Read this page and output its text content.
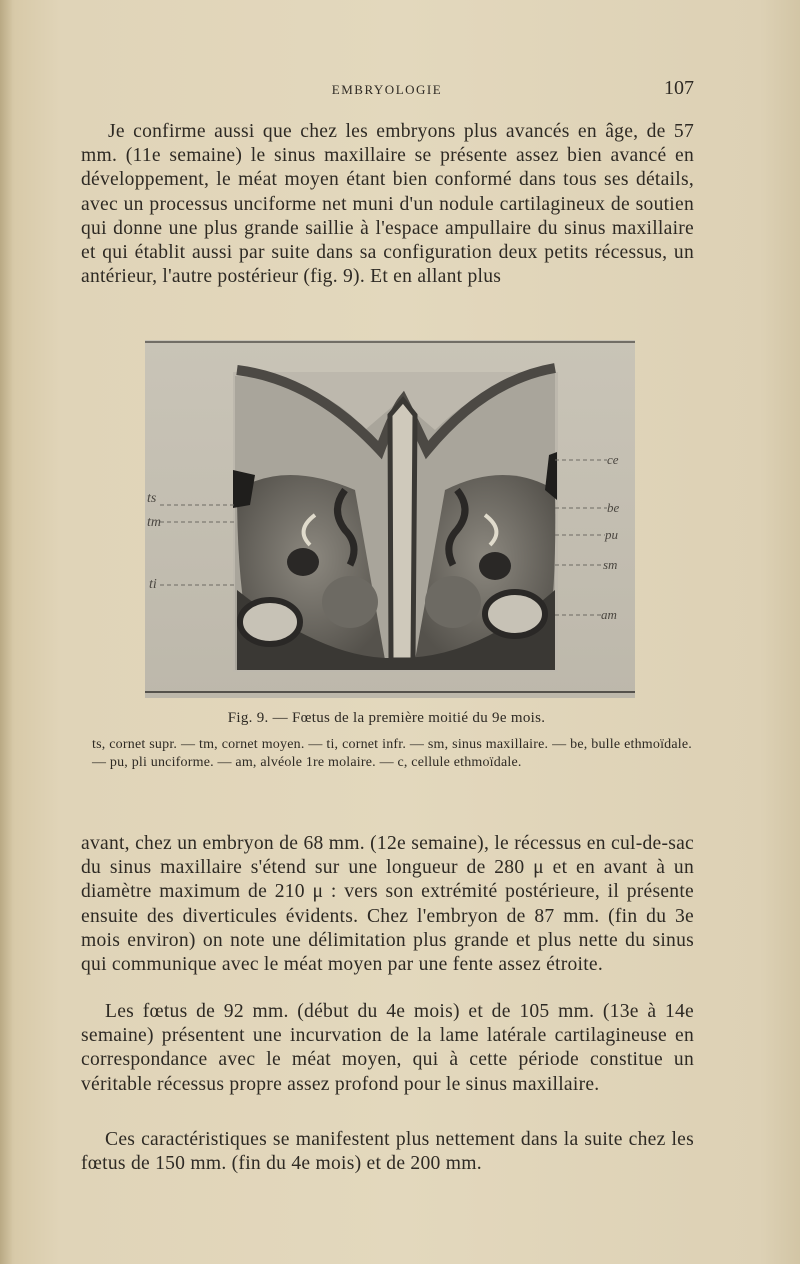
EMBRYOLOGIE	107

Je confirme aussi que chez les embryons plus avancés en âge, de 57 mm. (11e semaine) le sinus maxillaire se présente assez bien avancé en développement, le méat moyen étant bien conformé dans tous ses détails, avec un processus unciforme net muni d'un nodule cartilagineux de soutien qui donne une plus grande saillie à l'espace ampullaire du sinus maxillaire et qui établit aussi par suite dans sa configuration deux petits récessus, un antérieur, l'autre postérieur (fig. 9). Et en allant plus

ts
tm
ti
ce
be
pu
sm
am
Fig. 9. — Fœtus de la première moitié du 9e mois.
ts, cornet supr. — tm, cornet moyen. — ti, cornet infr. — sm, sinus maxillaire. — be, bulle ethmoïdale. — pu, pli unciforme. — am, alvéole 1re molaire. — c, cellule ethmoïdale.

avant, chez un embryon de 68 mm. (12e semaine), le récessus en cul-de-sac du sinus maxillaire s'étend sur une longueur de 280 μ et en avant à un diamètre maximum de 210 μ : vers son extrémité postérieure, il présente ensuite des diverticules évidents. Chez l'embryon de 87 mm. (fin du 3e mois environ) on note une délimitation plus grande et plus nette du sinus qui communique avec le méat moyen par une fente assez étroite.

Les fœtus de 92 mm. (début du 4e mois) et de 105 mm. (13e à 14e semaine) présentent une incurvation de la lame latérale cartilagineuse en correspondance avec le méat moyen, qui à cette période constitue un véritable récessus propre assez profond pour le sinus maxillaire.

Ces caractéristiques se manifestent plus nettement dans la suite chez les fœtus de 150 mm. (fin du 4e mois) et de 200 mm.
